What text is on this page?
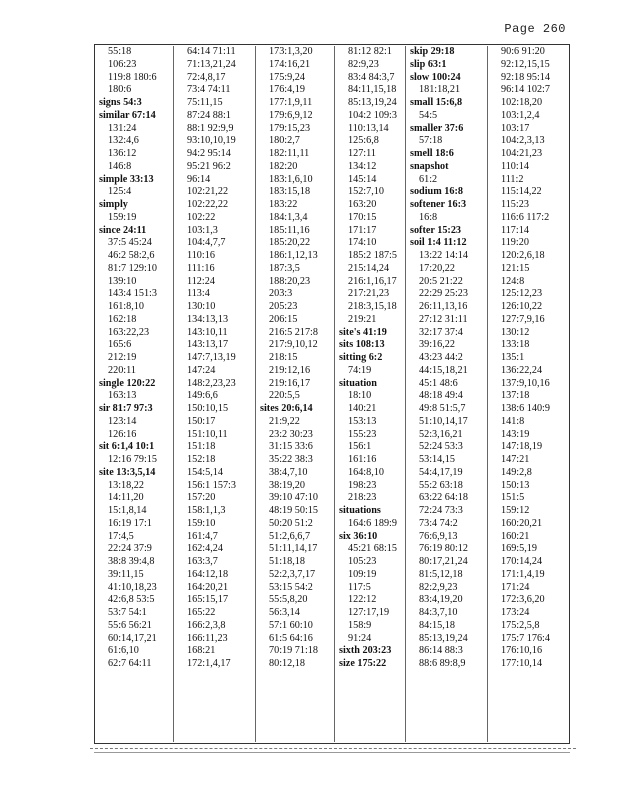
Page 260
55:18
106:23
119:8 180:6
180:6
signs 54:3
similar 67:14
131:24
132:4,6
136:12
146:8
simple 33:13
125:4
simply
159:19
since 24:11
37:5 45:24
46:2 58:2,6
81:7 129:10
139:10
143:4 151:3
161:8,10
162:18
163:22,23
165:6
212:19
220:11
single 120:22
163:13
sir 81:7 97:3
123:14
126:16
sit 6:1,4 10:1
12:16 79:15
site 13:3,5,14
13:18,22
14:11,20
15:1,8,14
16:19 17:1
17:4,5
22:24 37:9
38:8 39:4,8
39:11,15
41:10,18,23
42:6,8 53:5
53:7 54:1
55:6 56:21
60:14,17,21
61:6,10
62:7 64:11
64:14 71:11
71:13,21,24
72:4,8,17
73:4 74:11
75:11,15
87:24 88:1
88:1 92:9,9
93:10,10,19
94:2 95:14
95:21 96:2
96:14
102:21,22
102:22,22
102:22
103:1,3
104:4,7,7
110:16
111:16
112:24
113:4
130:10
134:13,13
143:10,11
143:13,17
147:7,13,19
147:24
148:2,23,23
149:6,6
150:10,15
150:17
151:10,11
151:18
152:18
154:5,14
156:1 157:3
157:20
158:1,1,3
159:10
161:4,7
162:4,24
163:3,7
164:12,18
164:20,21
165:15,17
165:22
166:2,3,8
166:11,23
168:21
172:1,4,17
173:1,3,20
174:16,21
175:9,24
176:4,19
177:1,9,11
179:6,9,12
179:15,23
180:2,7
182:11,11
182:20
183:1,6,10
183:15,18
183:22
184:1,3,4
185:11,16
185:20,22
186:1,12,13
187:3,5
188:20,23
203:3
205:23
206:15
216:5 217:8
217:9,10,12
218:15
219:12,16
219:16,17
220:5,5
sites 20:6,14
21:9,22
23:2 30:23
31:15 33:6
35:22 38:3
38:4,7,10
38:19,20
39:10 47:10
48:19 50:15
50:20 51:2
51:2,6,6,7
51:11,14,17
51:18,18
52:2,3,7,17
53:15 54:2
55:5,8,20
56:3,14
57:1 60:10
61:5 64:16
70:19 71:18
80:12,18
81:12 82:1
82:9,23
83:4 84:3,7
84:11,15,18
85:13,19,24
104:2 109:3
110:13,14
125:6,8
127:11
134:12
145:14
152:7,10
163:20
170:15
171:17
174:10
185:2 187:5
215:14,24
216:1,16,17
217:21,23
218:3,15,18
219:21
site's 41:19
sits 108:13
sitting 6:2
74:19
situation
18:10
140:21
153:13
155:23
156:1
161:16
164:8,10
198:23
218:23
situations
164:6 189:9
six 36:10
45:21 68:15
105:23
109:19
117:5
122:12
127:17,19
158:9
91:24
sixth 203:23
size 175:22
skip 29:18
slip 63:1
slow 100:24
181:18,21
small 15:6,8
54:5
smaller 37:6
57:18
smell 18:6
snapshot
61:2
sodium 16:8
softener 16:3
16:8
softer 15:23
soil 1:4 11:12
13:22 14:14
17:20,22
20:5 21:22
22:29 25:23
26:11,13,16
27:12 31:11
32:17 37:4
39:16,22
43:23 44:2
44:15,18,21
45:1 48:6
48:18 49:4
49:8 51:5,7
51:10,14,17
52:3,16,21
52:24 53:3
53:14,15
54:4,17,19
55:2 63:18
63:22 64:18
72:24 73:3
73:4 74:2
76:6,9,13
76:19 80:12
80:17,21,24
81:5,12,18
82:2,9,23
83:4,19,20
84:3,7,10
84:15,18
85:13,19,24
86:14 88:3
88:6 89:8,9
90:6 91:20
92:12,15,15
92:18 95:14
96:14 102:7
102:18,20
103:1,2,4
103:17
104:2,3,13
104:21,23
110:14
111:2
115:14,22
115:23
116:6 117:2
117:14
119:20
120:2,6,18
121:15
124:8
125:12,23
126:10,22
127:7,9,16
130:12
133:18
135:1
136:22,24
137:9,10,16
137:18
138:6 140:9
141:8
143:19
147:18,19
147:21
149:2,8
150:13
151:5
159:12
160:20,21
160:21
169:5,19
170:14,24
171:1,4,19
171:24
172:3,6,20
173:24
175:2,5,8
175:7 176:4
176:10,16
177:10,14
